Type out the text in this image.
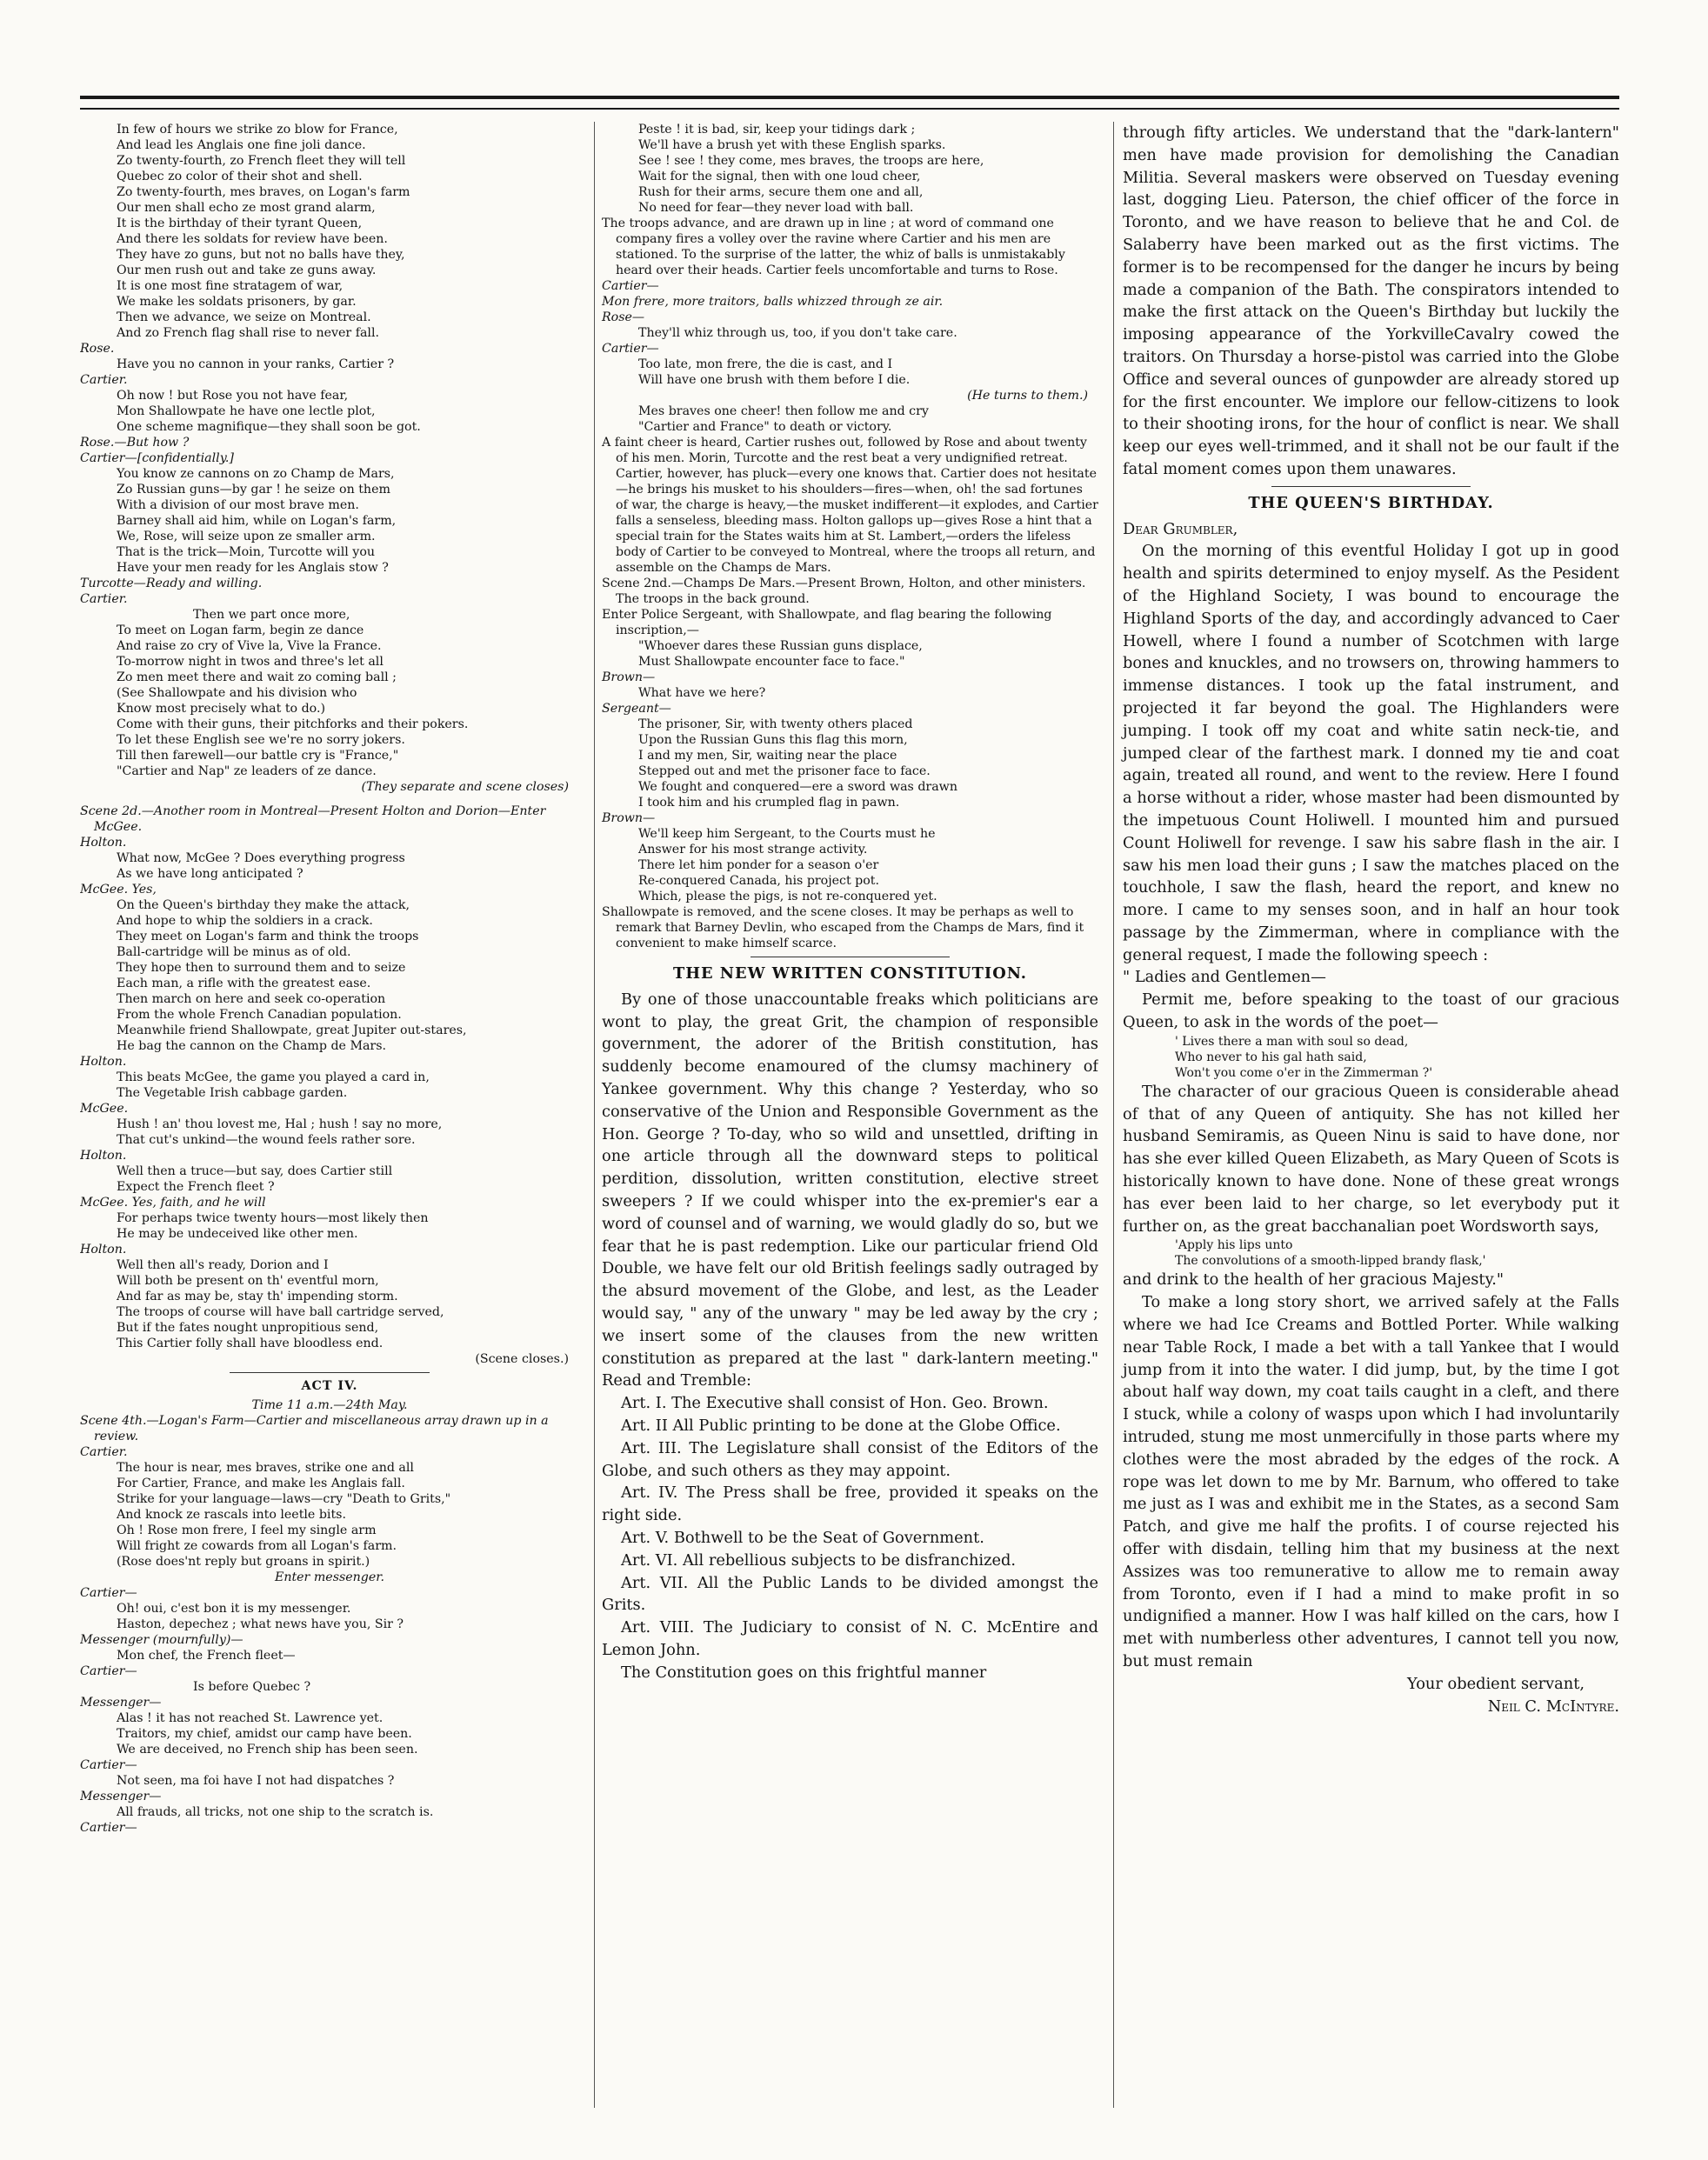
In few of hours we strike zo blow for France,
And lead les Anglais one fine joli dance.
Zo twenty-fourth, zo French fleet they will tell
Quebec zo color of their shot and shell.
Zo twenty-fourth, mes braves, on Logan's farm
Our men shall echo ze most grand alarm,
It is the birthday of their tyrant Queen,
And there les soldats for review have been.
They have zo guns, but not no balls have they,
Our men rush out and take ze guns away.
It is one most fine stratagem of war,
We make les soldats prisoners, by gar.
Then we advance, we seize on Montreal.
And zo French flag shall rise to never fall.
Rose.
Have you no cannon in your ranks, Cartier ?
Cartier.
Oh now ! but Rose you not have fear,
Mon Shallowpate he have one lectle plot,
One scheme magnifique—they shall soon be got.
Rose.—But how ?
Cartier—[confidentially.]
You know ze cannons on zo Champ de Mars,
Zo Russian guns—by gar ! he seize on them
With a division of our most brave men.
Barney shall aid him, while on Logan's farm,
We, Rose, will seize upon ze smaller arm.
That is the trick—Moin, Turcotte will you
Have your men ready for les Anglais stow ?
Turcotte—Ready and willing.
Cartier.
Then we part once more,
To meet on Logan farm, begin ze dance
And raise zo cry of Vive la, Vive la France.
To-morrow night in twos and three's let all
Zo men meet there and wait zo coming ball ;
(See Shallowpate and his division who
Know most precisely what to do.)
Come with their guns, their pitchforks and their pokers.
To let these English see we're no sorry jokers.
Till then farewell—our battle cry is "France,"
"Cartier and Nap" ze leaders of ze dance.
(They separate and scene closes)
Scene 2d.—Another room in Montreal—Present Holton and Dorion—Enter McGee.
Holton.
What now, McGee ? Does everything progress
As we have long anticipated ?
McGee. Yes,
On the Queen's birthday they make the attack,
And hope to whip the soldiers in a crack.
They meet on Logan's farm and think the troops
Ball-cartridge will be minus as of old.
They hope then to surround them and to seize
Each man, a rifle with the greatest ease.
Then march on here and seek co-operation
From the whole French Canadian population.
Meanwhile friend Shallowpate, great Jupiter out-stares,
He bag the cannon on the Champ de Mars.
Holton.
This beats McGee, the game you played a card in,
The Vegetable Irish cabbage garden.
McGee.
Hush ! an' thou lovest me, Hal ; hush ! say no more,
That cut's unkind—the wound feels rather sore.
Holton.
Well then a truce—but say, does Cartier still
Expect the French fleet ?
McGee. Yes, faith, and he will
For perhaps twice twenty hours—most likely then
He may be undeceived like other men.
Holton.
Well then all's ready, Dorion and I
Will both be present on th' eventful morn,
And far as may be, stay th' impending storm.
The troops of course will have ball cartridge served,
But if the fates nought unpropitious send,
This Cartier folly shall have bloodless end.
(Scene closes.)
ACT IV.
Time 11 a.m.—24th May.
Scene 4th.—Logan's Farm—Cartier and miscellaneous array drawn up in a review.
Cartier.
The hour is near, mes braves, strike one and all
For Cartier, France, and make les Anglais fall.
Strike for your language—laws—cry "Death to Grits,"
And knock ze rascals into leetle bits.
Oh ! Rose mon frere, I feel my single arm
Will fright ze cowards from all Logan's farm.
(Rose does'nt reply but groans in spirit.)
Enter messenger.
Cartier—
Oh! oui, c'est bon it is my messenger.
Haston, depechez ; what news have you, Sir ?
Messenger (mournfully)—
Mon chef, the French fleet—
Cartier—
Is before Quebec ?
Messenger—
Alas ! it has not reached St. Lawrence yet.
Traitors, my chief, amidst our camp have been.
We are deceived, no French ship has been seen.
Cartier—
Not seen, ma foi have I not had dispatches ?
Messenger—
All frauds, all tricks, not one ship to the scratch is.
Cartier—
Peste ! it is bad, sir, keep your tidings dark ;
We'll have a brush yet with these English sparks.
See ! see ! they come, mes braves, the troops are here,
Wait for the signal, then with one loud cheer,
Rush for their arms, secure them one and all,
No need for fear—they never load with ball.
The troops advance, and are drawn up in line ; at word of command one company fires a volley over the ravine where Cartier and his men are stationed. To the surprise of the latter, the whiz of balls is unmistakably heard over their heads. Cartier feels uncomfortable and turns to Rose.
Cartier—
Mon frere, more traitors, balls whizzed through ze air.
Rose—
They'll whiz through us, too, if you don't take care.
Cartier—
Too late, mon frere, the die is cast, and I
Will have one brush with them before I die.
(He turns to them.)
Mes braves one cheer! then follow me and cry
"Cartier and France" to death or victory.
A faint cheer is heard, Cartier rushes out, followed by Rose and about twenty of his men. Morin, Turcotte and the rest beat a very undignified retreat. Cartier, however, has pluck—every one knows that. Cartier does not hesitate—he brings his musket to his shoulders—fires—when, oh! the sad fortunes of war, the charge is heavy,—the musket indifferent—it explodes, and Cartier falls a senseless, bleeding mass. Holton gallops up—gives Rose a hint that a special train for the States waits him at St. Lambert,—orders the lifeless body of Cartier to be conveyed to Montreal, where the troops all return, and assemble on the Champs de Mars.
Scene 2nd.—Champs De Mars.—Present Brown, Holton, and other ministers. The troops in the back ground.
Enter Police Sergeant, with Shallowpate, and flag bearing the following inscription,—
"Whoever dares these Russian guns displace,
Must Shallowpate encounter face to face."
Brown—
What have we here?
Sergeant—
The prisoner, Sir, with twenty others placed
Upon the Russian Guns this flag this morn,
I and my men, Sir, waiting near the place
Stepped out and met the prisoner face to face.
We fought and conquered—ere a sword was drawn
I took him and his crumpled flag in pawn.
Brown—
We'll keep him Sergeant, to the Courts must he
Answer for his most strange activity.
There let him ponder for a season o'er
Re-conquered Canada, his project pot.
Which, please the pigs, is not re-conquered yet.
Shallowpate is removed, and the scene closes. It may be perhaps as well to remark that Barney Devlin, who escaped from the Champs de Mars, find it convenient to make himself scarce.
THE NEW WRITTEN CONSTITUTION.

By one of those unaccountable freaks which politicians are wont to play, the great Grit, the champion of responsible government, the adorer of the British constitution, has suddenly become enamoured of the clumsy machinery of Yankee government. Why this change ? Yesterday, who so conservative of the Union and Responsible Government as the Hon. George ? To-day, who so wild and unsettled, drifting in one article through all the downward steps to political perdition, dissolution, written constitution, elective street sweepers ? If we could whisper into the ex-premier's ear a word of counsel and of warning, we would gladly do so, but we fear that he is past redemption. Like our particular friend Old Double, we have felt our old British feelings sadly outraged by the absurd movement of the Globe, and lest, as the Leader would say, " any of the unwary " may be led away by the cry ; we insert some of the clauses from the new written constitution as prepared at the last " dark-lantern meeting." Read and Tremble:

Art. I. The Executive shall consist of Hon. Geo. Brown.

Art. II All Public printing to be done at the Globe Office.

Art. III. The Legislature shall consist of the Editors of the Globe, and such others as they may appoint.

Art. IV. The Press shall be free, provided it speaks on the right side.

Art. V. Bothwell to be the Seat of Government.

Art. VI. All rebellious subjects to be disfranchized.

Art. VII. All the Public Lands to be divided amongst the Grits.

Art. VIII. The Judiciary to consist of N. C. McEntire and Lemon John.

The Constitution goes on this frightful manner

through fifty articles. We understand that the "dark-lantern" men have made provision for demolishing the Canadian Militia. Several maskers were observed on Tuesday evening last, dogging Lieu. Paterson, the chief officer of the force in Toronto, and we have reason to believe that he and Col. de Salaberry have been marked out as the first victims. The former is to be recompensed for the danger he incurs by being made a companion of the Bath. The conspirators intended to make the first attack on the Queen's Birthday but luckily the imposing appearance of the YorkvilleCavalry cowed the traitors. On Thursday a horse-pistol was carried into the Globe Office and several ounces of gunpowder are already stored up for the first encounter. We implore our fellow-citizens to look to their shooting irons, for the hour of conflict is near. We shall keep our eyes well-trimmed, and it shall not be our fault if the fatal moment comes upon them unawares.

THE QUEEN'S BIRTHDAY.
Dear Grumbler,

On the morning of this eventful Holiday I got up in good health and spirits determined to enjoy myself. As the Pesident of the Highland Society, I was bound to encourage the Highland Sports of the day, and accordingly advanced to Caer Howell, where I found a number of Scotchmen with large bones and knuckles, and no trowsers on, throwing hammers to immense distances. I took up the fatal instrument, and projected it far beyond the goal. The Highlanders were jumping. I took off my coat and white satin neck-tie, and jumped clear of the farthest mark. I donned my tie and coat again, treated all round, and went to the review. Here I found a horse without a rider, whose master had been dismounted by the impetuous Count Holiwell. I mounted him and pursued Count Holiwell for revenge. I saw his sabre flash in the air. I saw his men load their guns ; I saw the matches placed on the touchhole, I saw the flash, heard the report, and knew no more. I came to my senses soon, and in half an hour took passage by the Zimmerman, where in compliance with the general request, I made the following speech :

" Ladies and Gentlemen—

Permit me, before speaking to the toast of our gracious Queen, to ask in the words of the poet—

' Lives there a man with soul so dead,
Who never to his gal hath said,
Won't you come o'er in the Zimmerman ?'

The character of our gracious Queen is considerable ahead of that of any Queen of antiquity. She has not killed her husband Semiramis, as Queen Ninu is said to have done, nor has she ever killed Queen Elizabeth, as Mary Queen of Scots is historically known to have done. None of these great wrongs has ever been laid to her charge, so let everybody put it further on, as the great bacchanalian poet Wordsworth says,

'Apply his lips unto
The convolutions of a smooth-lipped brandy flask,'

and drink to the health of her gracious Majesty."

To make a long story short, we arrived safely at the Falls where we had Ice Creams and Bottled Porter. While walking near Table Rock, I made a bet with a tall Yankee that I would jump from it into the water. I did jump, but, by the time I got about half way down, my coat tails caught in a cleft, and there I stuck, while a colony of wasps upon which I had involuntarily intruded, stung me most unmercifully in those parts where my clothes were the most abraded by the edges of the rock. A rope was let down to me by Mr. Barnum, who offered to take me just as I was and exhibit me in the States, as a second Sam Patch, and give me half the profits. I of course rejected his offer with disdain, telling him that my business at the next Assizes was too remunerative to allow me to remain away from Toronto, even if I had a mind to make profit in so undignified a manner. How I was half killed on the cars, how I met with numberless other adventures, I cannot tell you now, but must remain

Your obedient servant,
Neil C. McIntyre.
